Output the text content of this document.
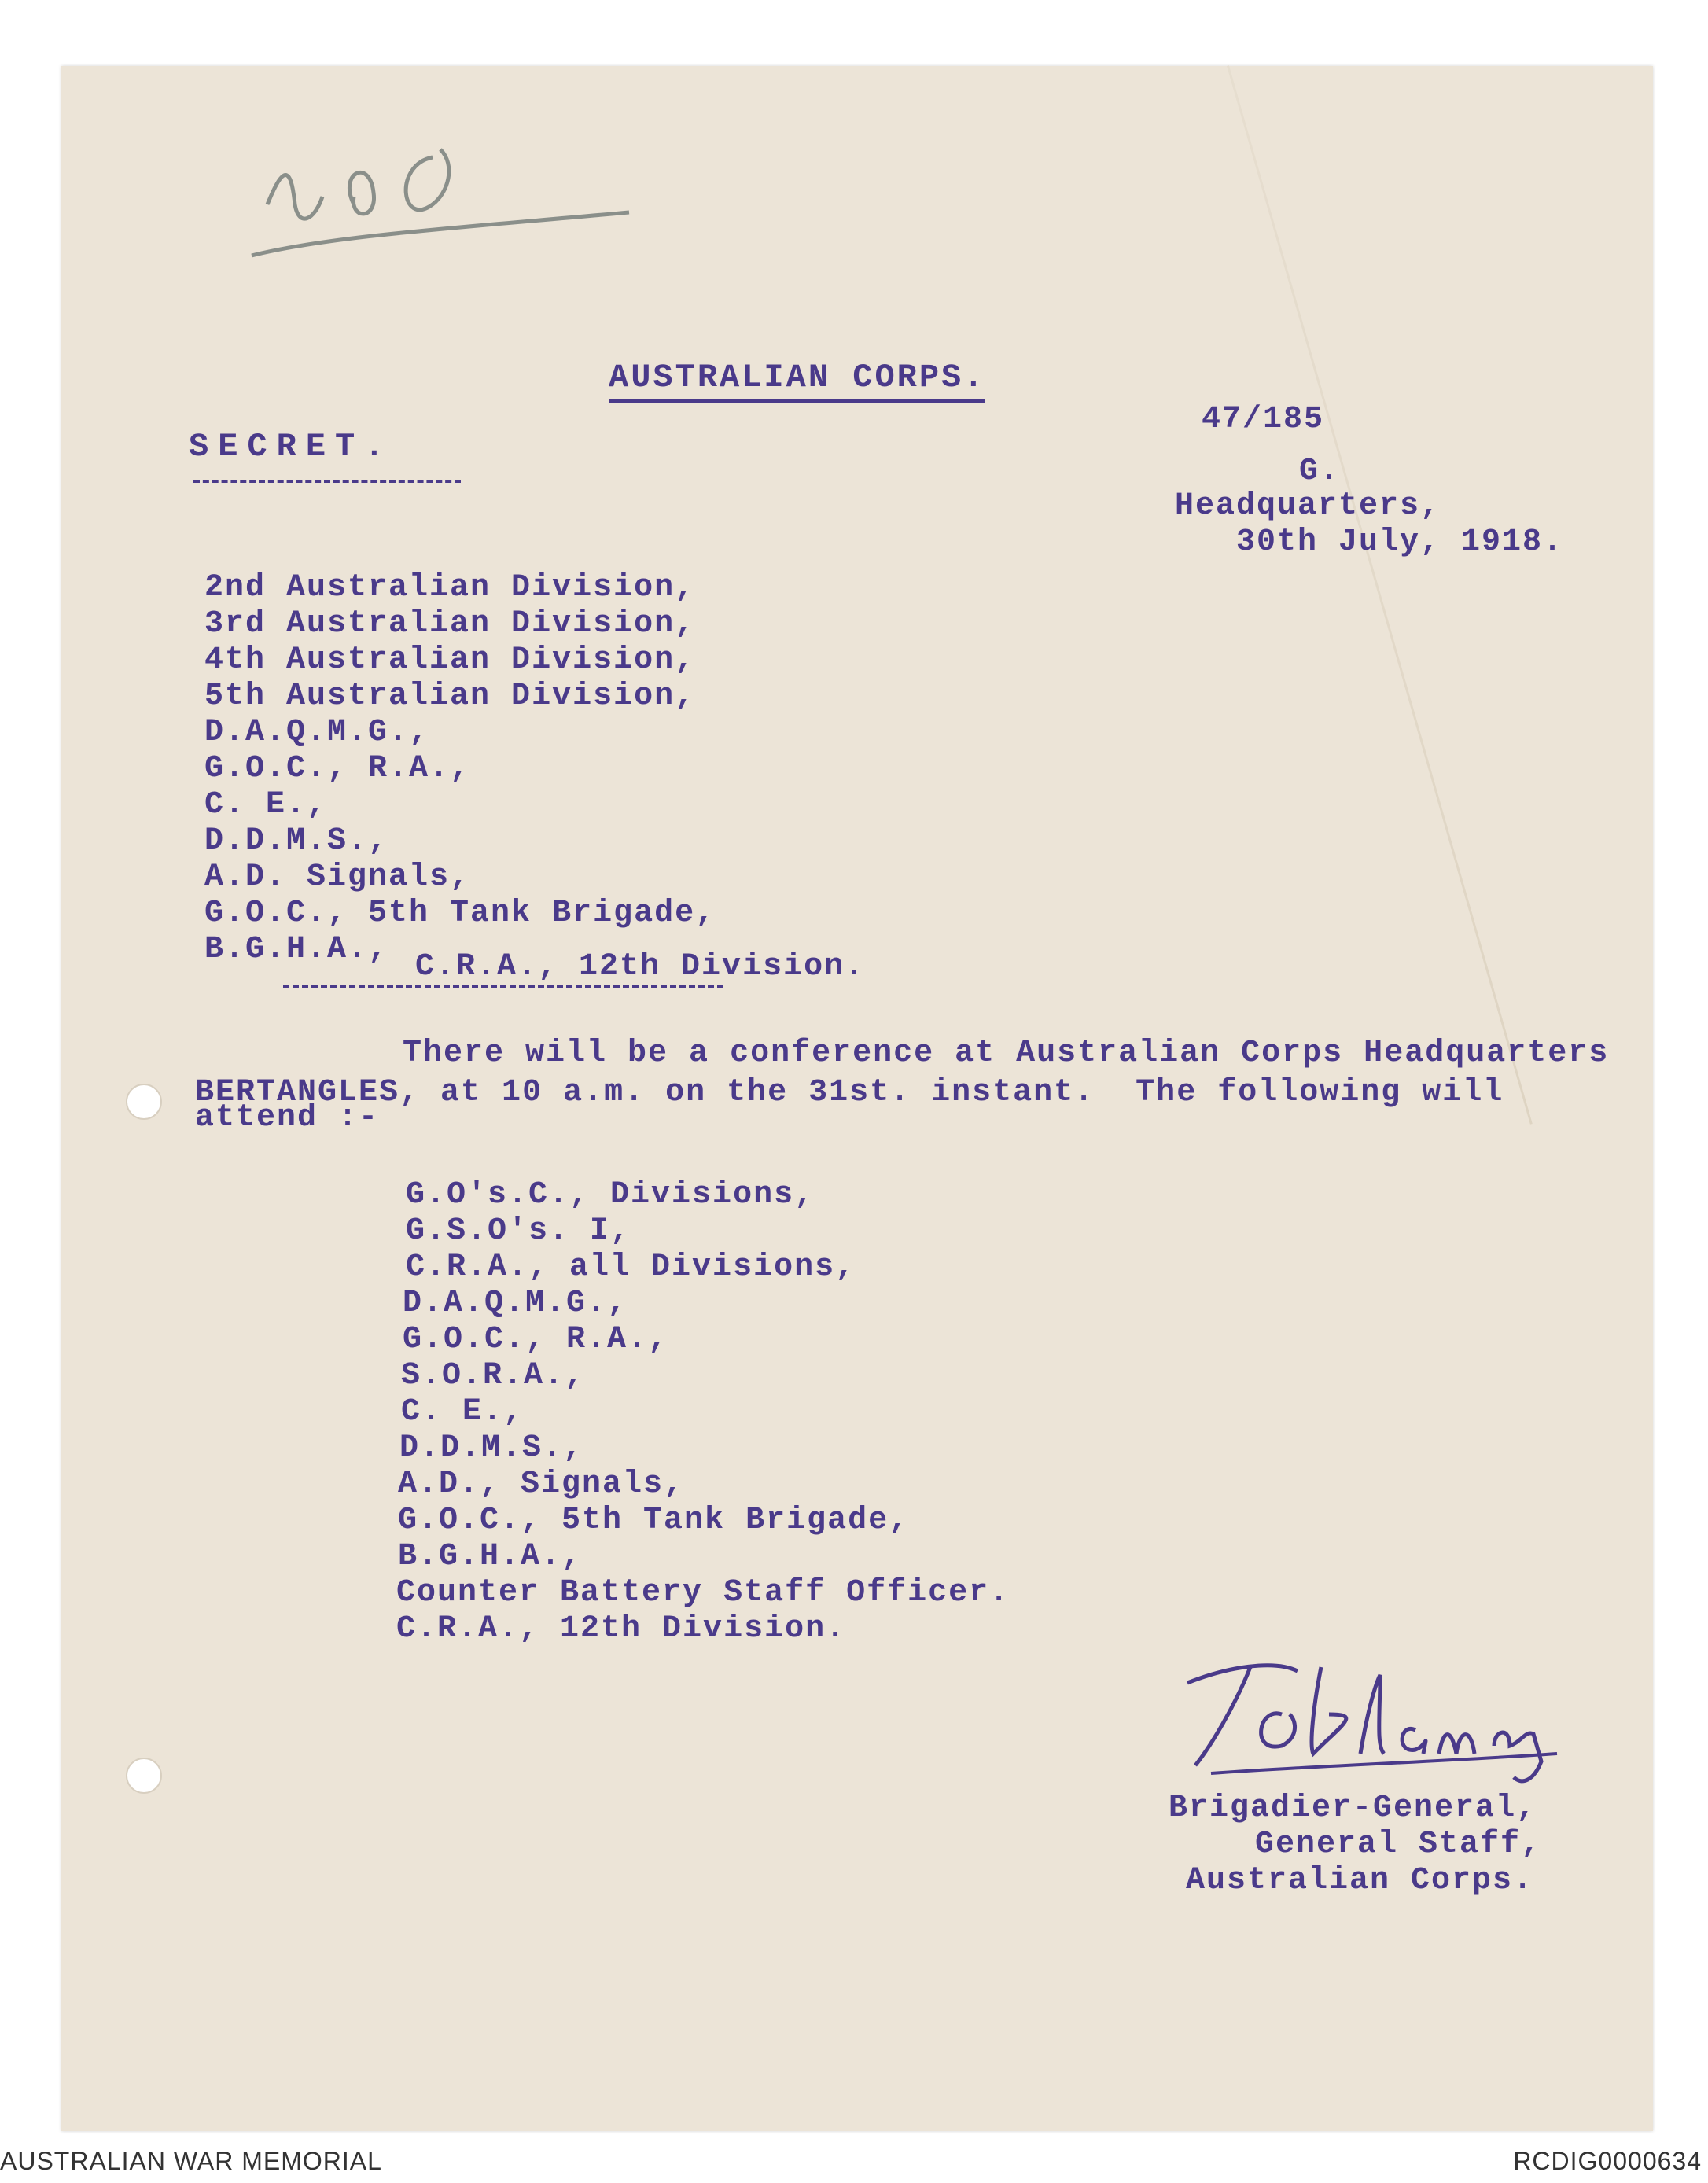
AUSTRALIAN CORPS.
SECRET.
47/185
G.
Headquarters,
30th July, 1918.
2nd Australian Division,
3rd Australian Division,
4th Australian Division,
5th Australian Division,
D.A.Q.M.G.,
G.O.C., R.A.,
C. E.,
D.D.M.S.,
A.D. Signals,
G.O.C., 5th Tank Brigade,
B.G.H.A., C.R.A., 12th Division.
There will be a conference at Australian Corps Headquarters
BERTANGLES, at 10 a.m. on the 31st. instant.  The following will
attend :-
G.O's.C., Divisions,
G.S.O's. I,
C.R.A., all Divisions,
D.A.Q.M.G.,
G.O.C., R.A.,
S.O.R.A.,
C. E.,
D.D.M.S.,
A.D., Signals,
G.O.C., 5th Tank Brigade,
B.G.H.A.,
Counter Battery Staff Officer.
C.R.A., 12th Division.
Brigadier-General,
General Staff,
Australian Corps.
AUSTRALIAN WAR MEMORIAL	RCDIG0000634
